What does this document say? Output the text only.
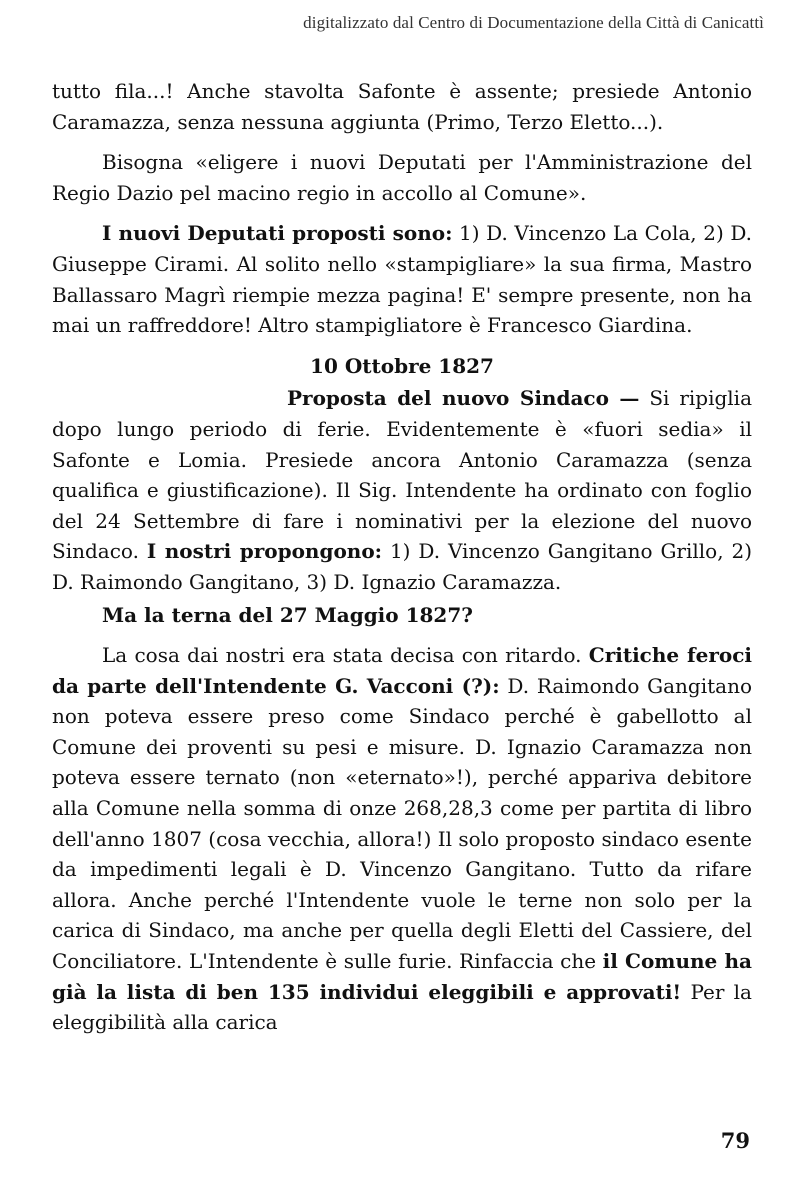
digitalizzato dal Centro di Documentazione della Città di Canicattì

tutto fila...! Anche stavolta Safonte è assente; presiede Antonio Caramazza, senza nessuna aggiunta (Primo, Terzo Eletto...).

Bisogna «eligere i nuovi Deputati per l'Amministrazione del Regio Dazio pel macino regio in accollo al Comune».

I nuovi Deputati proposti sono: 1) D. Vincenzo La Cola, 2) D. Giuseppe Cirami. Al solito nello «stampigliare» la sua firma, Mastro Ballassaro Magrì riempie mezza pagina! E' sempre presente, non ha mai un raffreddore! Altro stampigliatore è Francesco Giardina.

10 Ottobre 1827

Proposta del nuovo Sindaco — Si ripiglia dopo lungo periodo di ferie. Evidentemente è «fuori sedia» il Safonte e Lomia. Presiede ancora Antonio Caramazza (senza qualifica e giustificazione). Il Sig. Intendente ha ordinato con foglio del 24 Settembre di fare i nominativi per la elezione del nuovo Sindaco. I nostri propongono: 1) D. Vincenzo Gangitano Grillo, 2) D. Raimondo Gangitano, 3) D. Ignazio Caramazza.

Ma la terna del 27 Maggio 1827?

La cosa dai nostri era stata decisa con ritardo. Critiche feroci da parte dell'Intendente G. Vacconi (?): D. Raimondo Gangitano non poteva essere preso come Sindaco perché è gabellotto al Comune dei proventi su pesi e misure. D. Ignazio Caramazza non poteva essere ternato (non «eternato»!), perché appariva debitore alla Comune nella somma di onze 268,28,3 come per partita di libro dell'anno 1807 (cosa vecchia, allora!) Il solo proposto sindaco esente da impedimenti legali è D. Vincenzo Gangitano. Tutto da rifare allora. Anche perché l'Intendente vuole le terne non solo per la carica di Sindaco, ma anche per quella degli Eletti del Cassiere, del Conciliatore. L'Intendente è sulle furie. Rinfaccia che il Comune ha già la lista di ben 135 individui eleggibili e approvati! Per la eleggibilità alla carica

79
